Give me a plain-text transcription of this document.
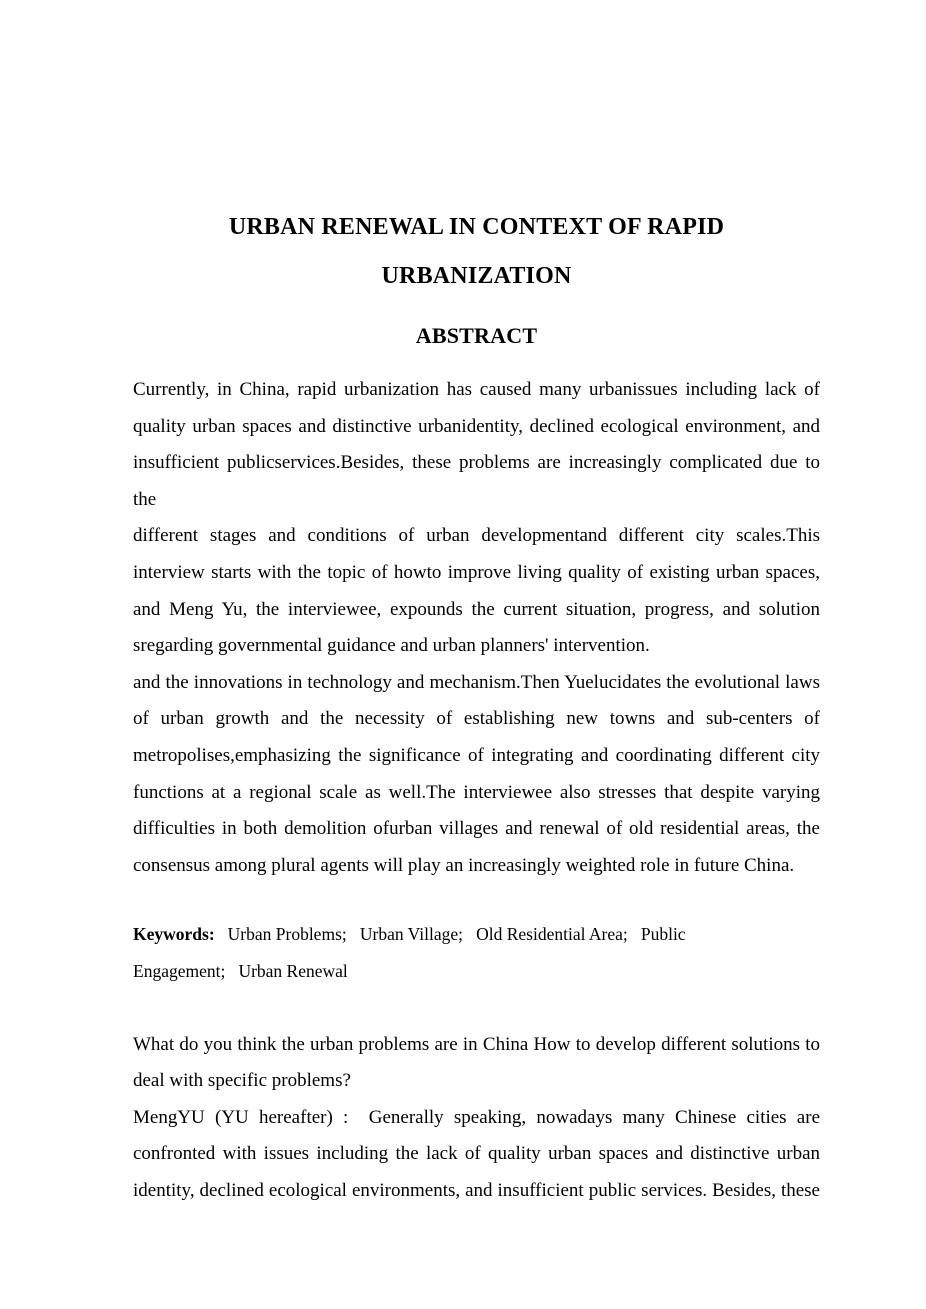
URBAN RENEWAL IN CONTEXT OF RAPID URBANIZATION
ABSTRACT
Currently, in China, rapid urbanization has caused many urbanissues including lack of
quality urban spaces and distinctive urbanidentity, declined ecological environment, and
insufficient publicservices.Besides, these problems are increasingly complicated due to the
different stages and conditions of urban developmentand different city scales.This
interview starts with the topic of howto improve living quality of existing urban spaces,
and Meng Yu, the interviewee, expounds the current situation, progress, and solution
sregarding governmental guidance and urban planners' intervention.
and the innovations in technology and mechanism.Then Yuelucidates the evolutional laws
of urban growth and the necessity of establishing new towns and sub-centers of
metropolises,emphasizing the significance of integrating and coordinating different city
functions at a regional scale as well.The interviewee also stresses that despite varying
difficulties in both demolition ofurban villages and renewal of old residential areas, the
consensus among plural agents will play an increasingly weighted role in future China.
Keywords: Urban Problems;   Urban Village;   Old Residential Area;   Public
Engagement;   Urban Renewal
What do you think the urban problems are in China How to develop different solutions to
deal with specific problems?
MengYU (YU hereafter) :  Generally speaking, nowadays many Chinese cities are
confronted with issues including the lack of quality urban spaces and distinctive urban
identity, declined ecological environments, and insufficient public services. Besides, these
